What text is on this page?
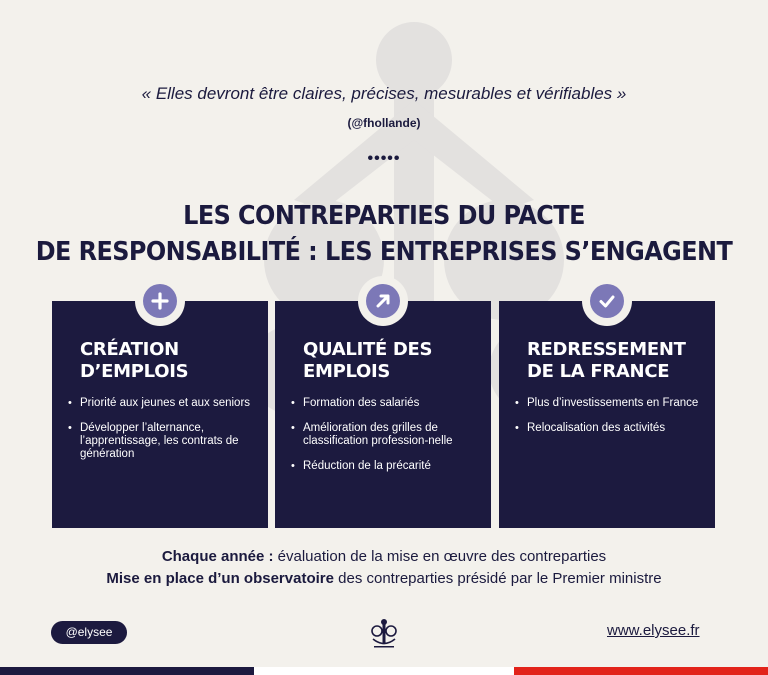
« Elles devront être claires, précises, mesurables et vérifiables »
(@fhollande)
•••••
LES CONTREPARTIES DU PACTE
DE RESPONSABILITÉ : LES ENTREPRISES S’ENGAGENT
CRÉATION
D’EMPLOIS
• Priorité aux jeunes et aux seniors
• Développer l’alternance, l’apprentissage, les contrats de génération
QUALITÉ DES
EMPLOIS
• Formation des salariés
• Amélioration des grilles de classification profession-nelle
• Réduction de la précarité
REDRESSEMENT
DE LA FRANCE
• Plus d’investissements en France
• Relocalisation des activités
Chaque année : évaluation de la mise en œuvre des contreparties
Mise en place d’un observatoire des contreparties présidé par le Premier ministre
@elysee	www.elysee.fr
